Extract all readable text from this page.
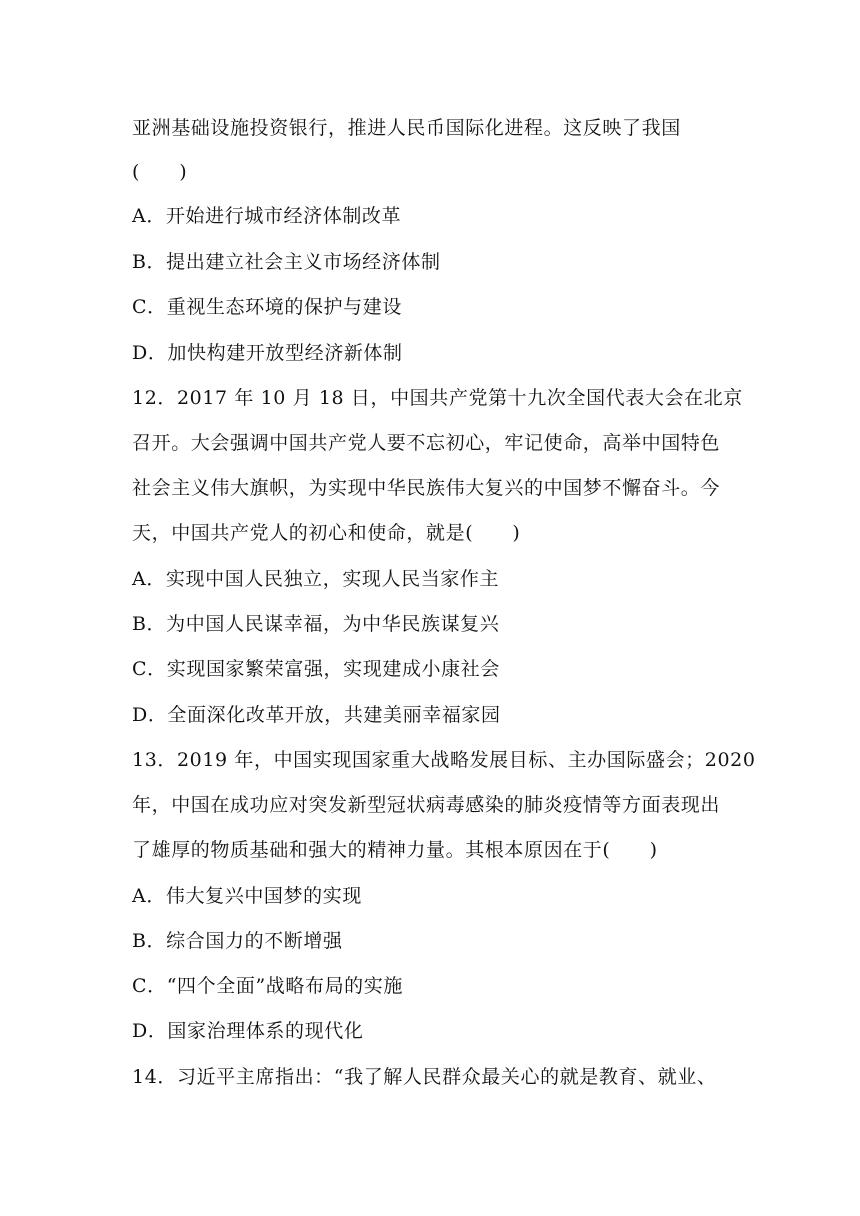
亚洲基础设施投资银行，推进人民币国际化进程。这反映了我国
(　　)
A．开始进行城市经济体制改革
B．提出建立社会主义市场经济体制
C．重视生态环境的保护与建设
D．加快构建开放型经济新体制
12．2017 年 10 月 18 日，中国共产党第十九次全国代表大会在北京
召开。大会强调中国共产党人要不忘初心，牢记使命，高举中国特色
社会主义伟大旗帜，为实现中华民族伟大复兴的中国梦不懈奋斗。今
天，中国共产党人的初心和使命，就是(　　)
A．实现中国人民独立，实现人民当家作主
B．为中国人民谋幸福，为中华民族谋复兴
C．实现国家繁荣富强，实现建成小康社会
D．全面深化改革开放，共建美丽幸福家园
13．2019 年，中国实现国家重大战略发展目标、主办国际盛会；2020
年，中国在成功应对突发新型冠状病毒感染的肺炎疫情等方面表现出
了雄厚的物质基础和强大的精神力量。其根本原因在于(　　)
A．伟大复兴中国梦的实现
B．综合国力的不断增强
C．“四个全面”战略布局的实施
D．国家治理体系的现代化
14．习近平主席指出：“我了解人民群众最关心的就是教育、就业、
